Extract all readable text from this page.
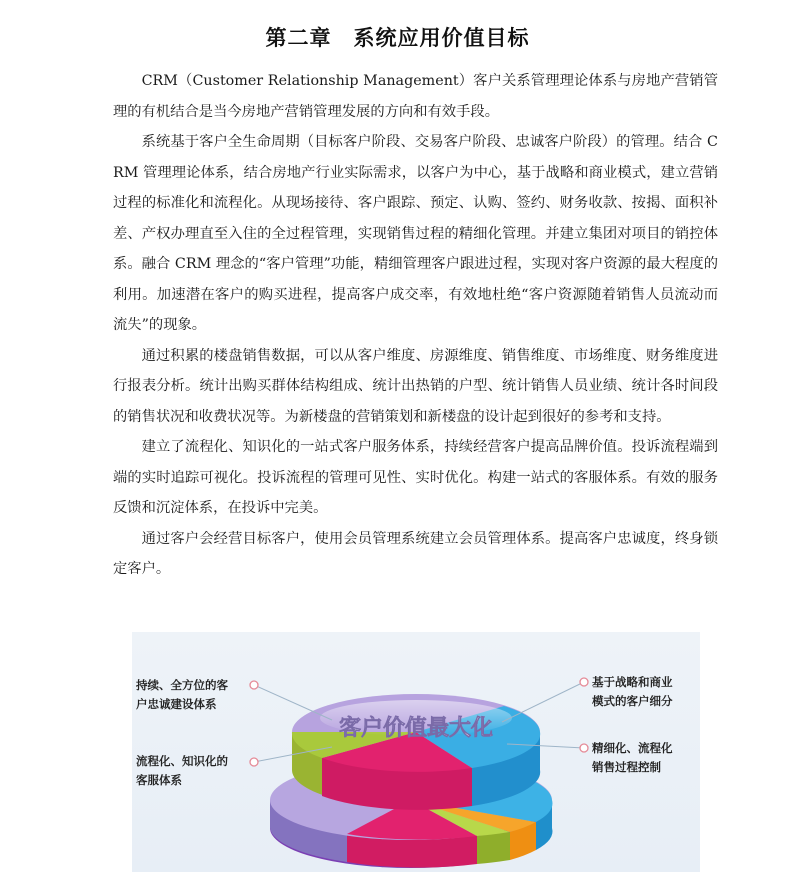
第二章　系统应用价值目标

CRM（Customer Relationship Management）客户关系管理理论体系与房地产营销管理的有机结合是当今房地产营销管理发展的方向和有效手段。

系统基于客户全生命周期（目标客户阶段、交易客户阶段、忠诚客户阶段）的管理。结合 CRM 管理理论体系，结合房地产行业实际需求，以客户为中心，基于战略和商业模式，建立营销过程的标准化和流程化。从现场接待、客户跟踪、预定、认购、签约、财务收款、按揭、面积补差、产权办理直至入住的全过程管理，实现销售过程的精细化管理。并建立集团对项目的销控体系。融合 CRM 理念的“客户管理”功能，精细管理客户跟进过程，实现对客户资源的最大程度的利用。加速潜在客户的购买进程，提高客户成交率，有效地杜绝“客户资源随着销售人员流动而流失”的现象。

通过积累的楼盘销售数据，可以从客户维度、房源维度、销售维度、市场维度、财务维度进行报表分析。统计出购买群体结构组成、统计出热销的户型、统计销售人员业绩、统计各时间段的销售状况和收费状况等。为新楼盘的营销策划和新楼盘的设计起到很好的参考和支持。

建立了流程化、知识化的一站式客户服务体系，持续经营客户提高品牌价值。投诉流程端到端的实时追踪可视化。投诉流程的管理可见性、实时优化。构建一站式的客服体系。有效的服务反馈和沉淀体系，在投诉中完美。

通过客户会经营目标客户，使用会员管理系统建立会员管理体系。提高客户忠诚度，终身锁定客户。

客户价值最大化
持续、全方位的客
户忠诚建设体系
基于战略和商业
模式的客户细分
流程化、知识化的
客服体系
精细化、流程化
销售过程控制
